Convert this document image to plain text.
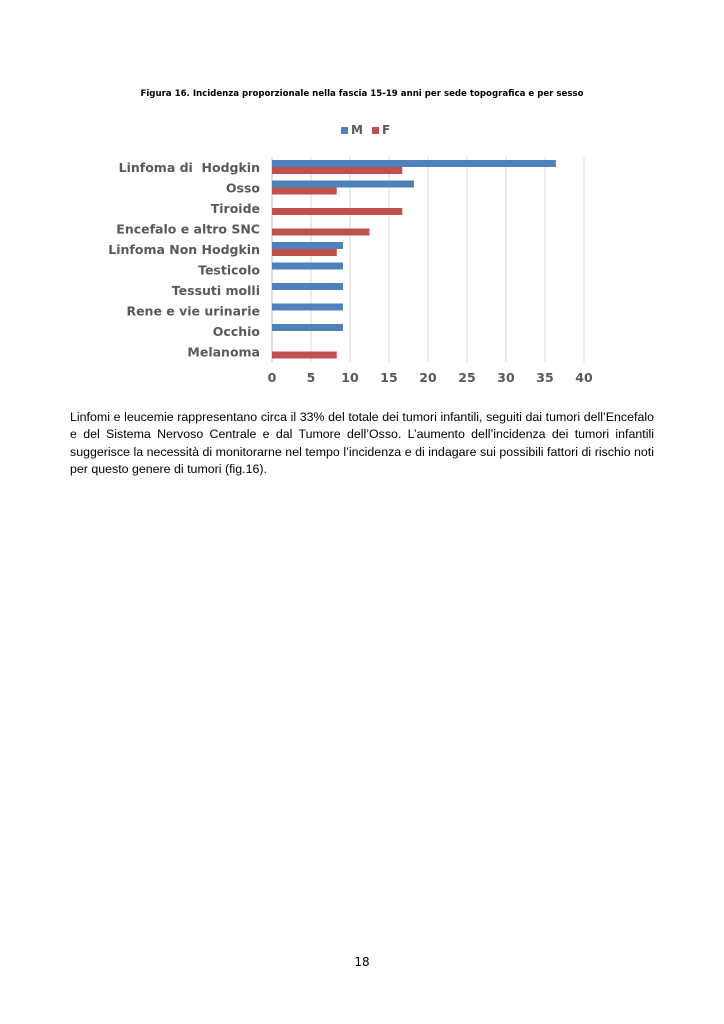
Figura 16. Incidenza proporzionale nella fascia 15-19 anni per sede topografica e per sesso

M F
Linfoma di  Hodgkin
Osso
Tiroide
Encefalo e altro SNC
Linfoma Non Hodgkin
Testicolo
Tessuti molli
Rene e vie urinarie
Occhio
Melanoma
0 5 10 15 20 25 30 35 40

Linfomi e leucemie rappresentano circa il 33% del totale dei tumori infantili, seguiti dai tumori dell’Encefalo e del Sistema Nervoso Centrale e dal Tumore dell’Osso. L’aumento dell’incidenza dei tumori infantili suggerisce la necessità di monitorarne nel tempo l’incidenza e di indagare sui possibili fattori di rischio noti per questo genere di tumori (fig.16).

18
